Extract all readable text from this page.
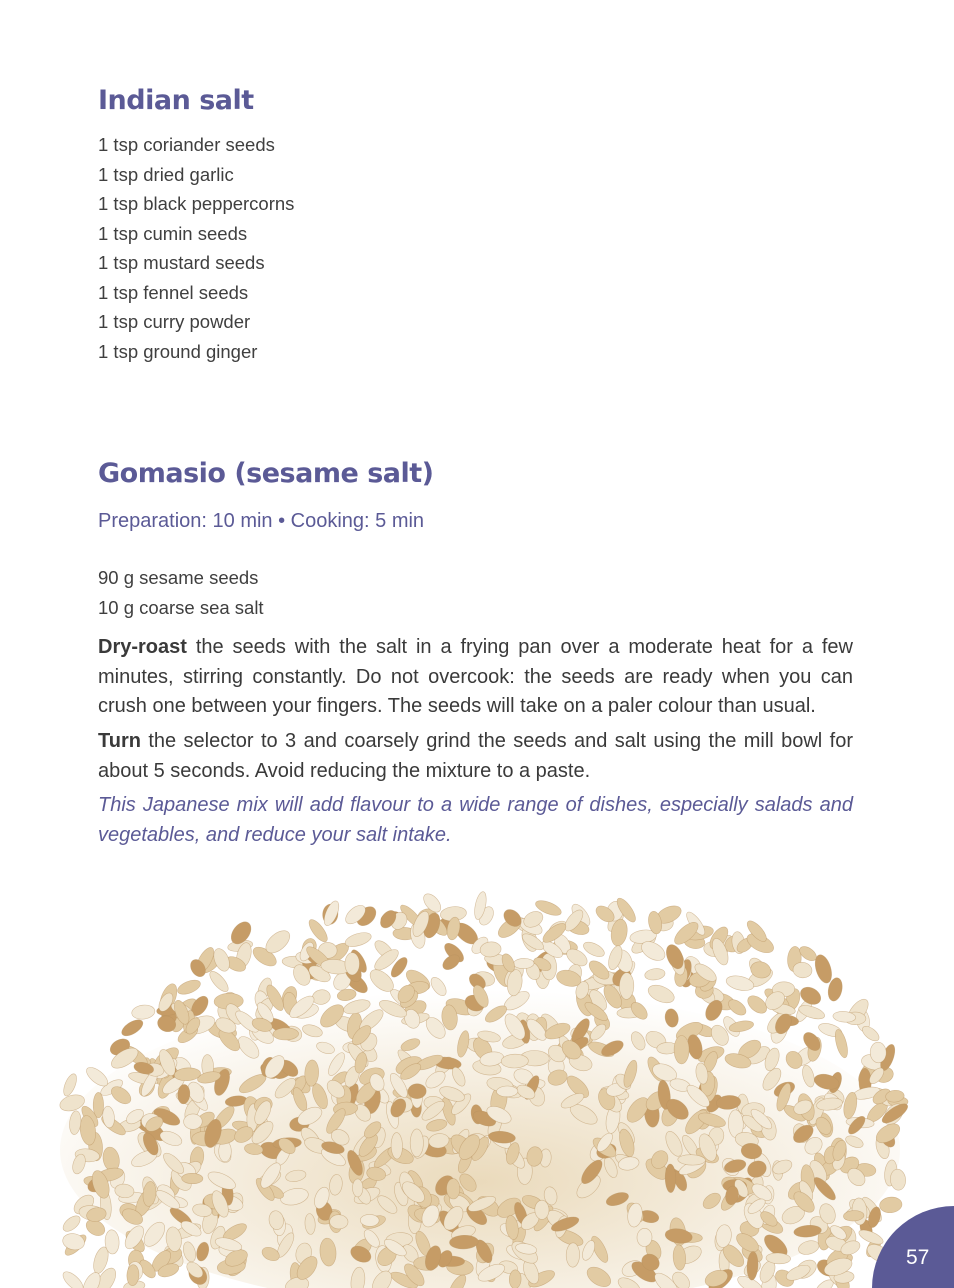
Indian salt
1 tsp coriander seeds
1 tsp dried garlic
1 tsp black peppercorns
1 tsp cumin seeds
1 tsp mustard seeds
1 tsp fennel seeds
1 tsp curry powder
1 tsp ground ginger
Gomasio (sesame salt)
Preparation: 10 min • Cooking: 5 min
90 g sesame seeds
10 g coarse sea salt

Dry-roast the seeds with the salt in a frying pan over a moderate heat for a few minutes, stirring constantly. Do not overcook: the seeds are ready when you can crush one between your fingers. The seeds will take on a paler colour than usual.

Turn the selector to 3 and coarsely grind the seeds and salt using the mill bowl for about 5 seconds. Avoid reducing the mixture to a paste.

This Japanese mix will add flavour to a wide range of dishes, especially salads and vegetables, and reduce your salt intake.

57
